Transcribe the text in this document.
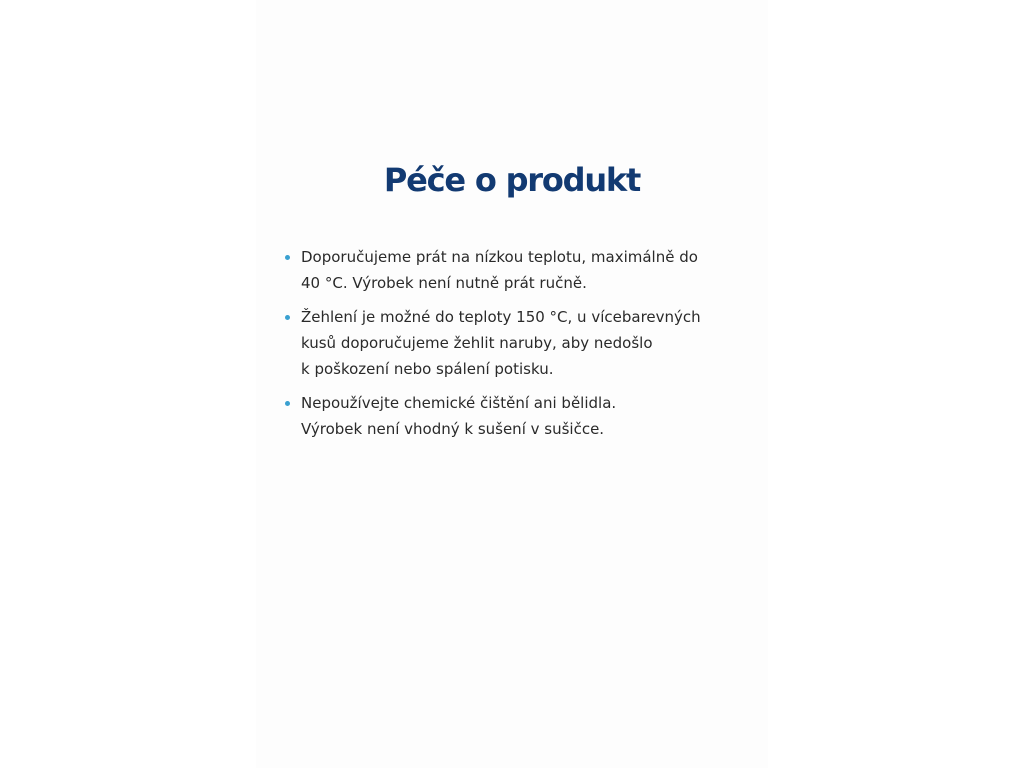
Péče o produkt
Doporučujeme prát na nízkou teplotu, maximálně do
40 °C. Výrobek není nutně prát ručně.
Žehlení je možné do teploty 150 °C, u vícebarevných
kusů doporučujeme žehlit naruby, aby nedošlo
k poškození nebo spálení potisku.
Nepoužívejte chemické čištění ani bělidla.
Výrobek není vhodný k sušení v sušičce.
